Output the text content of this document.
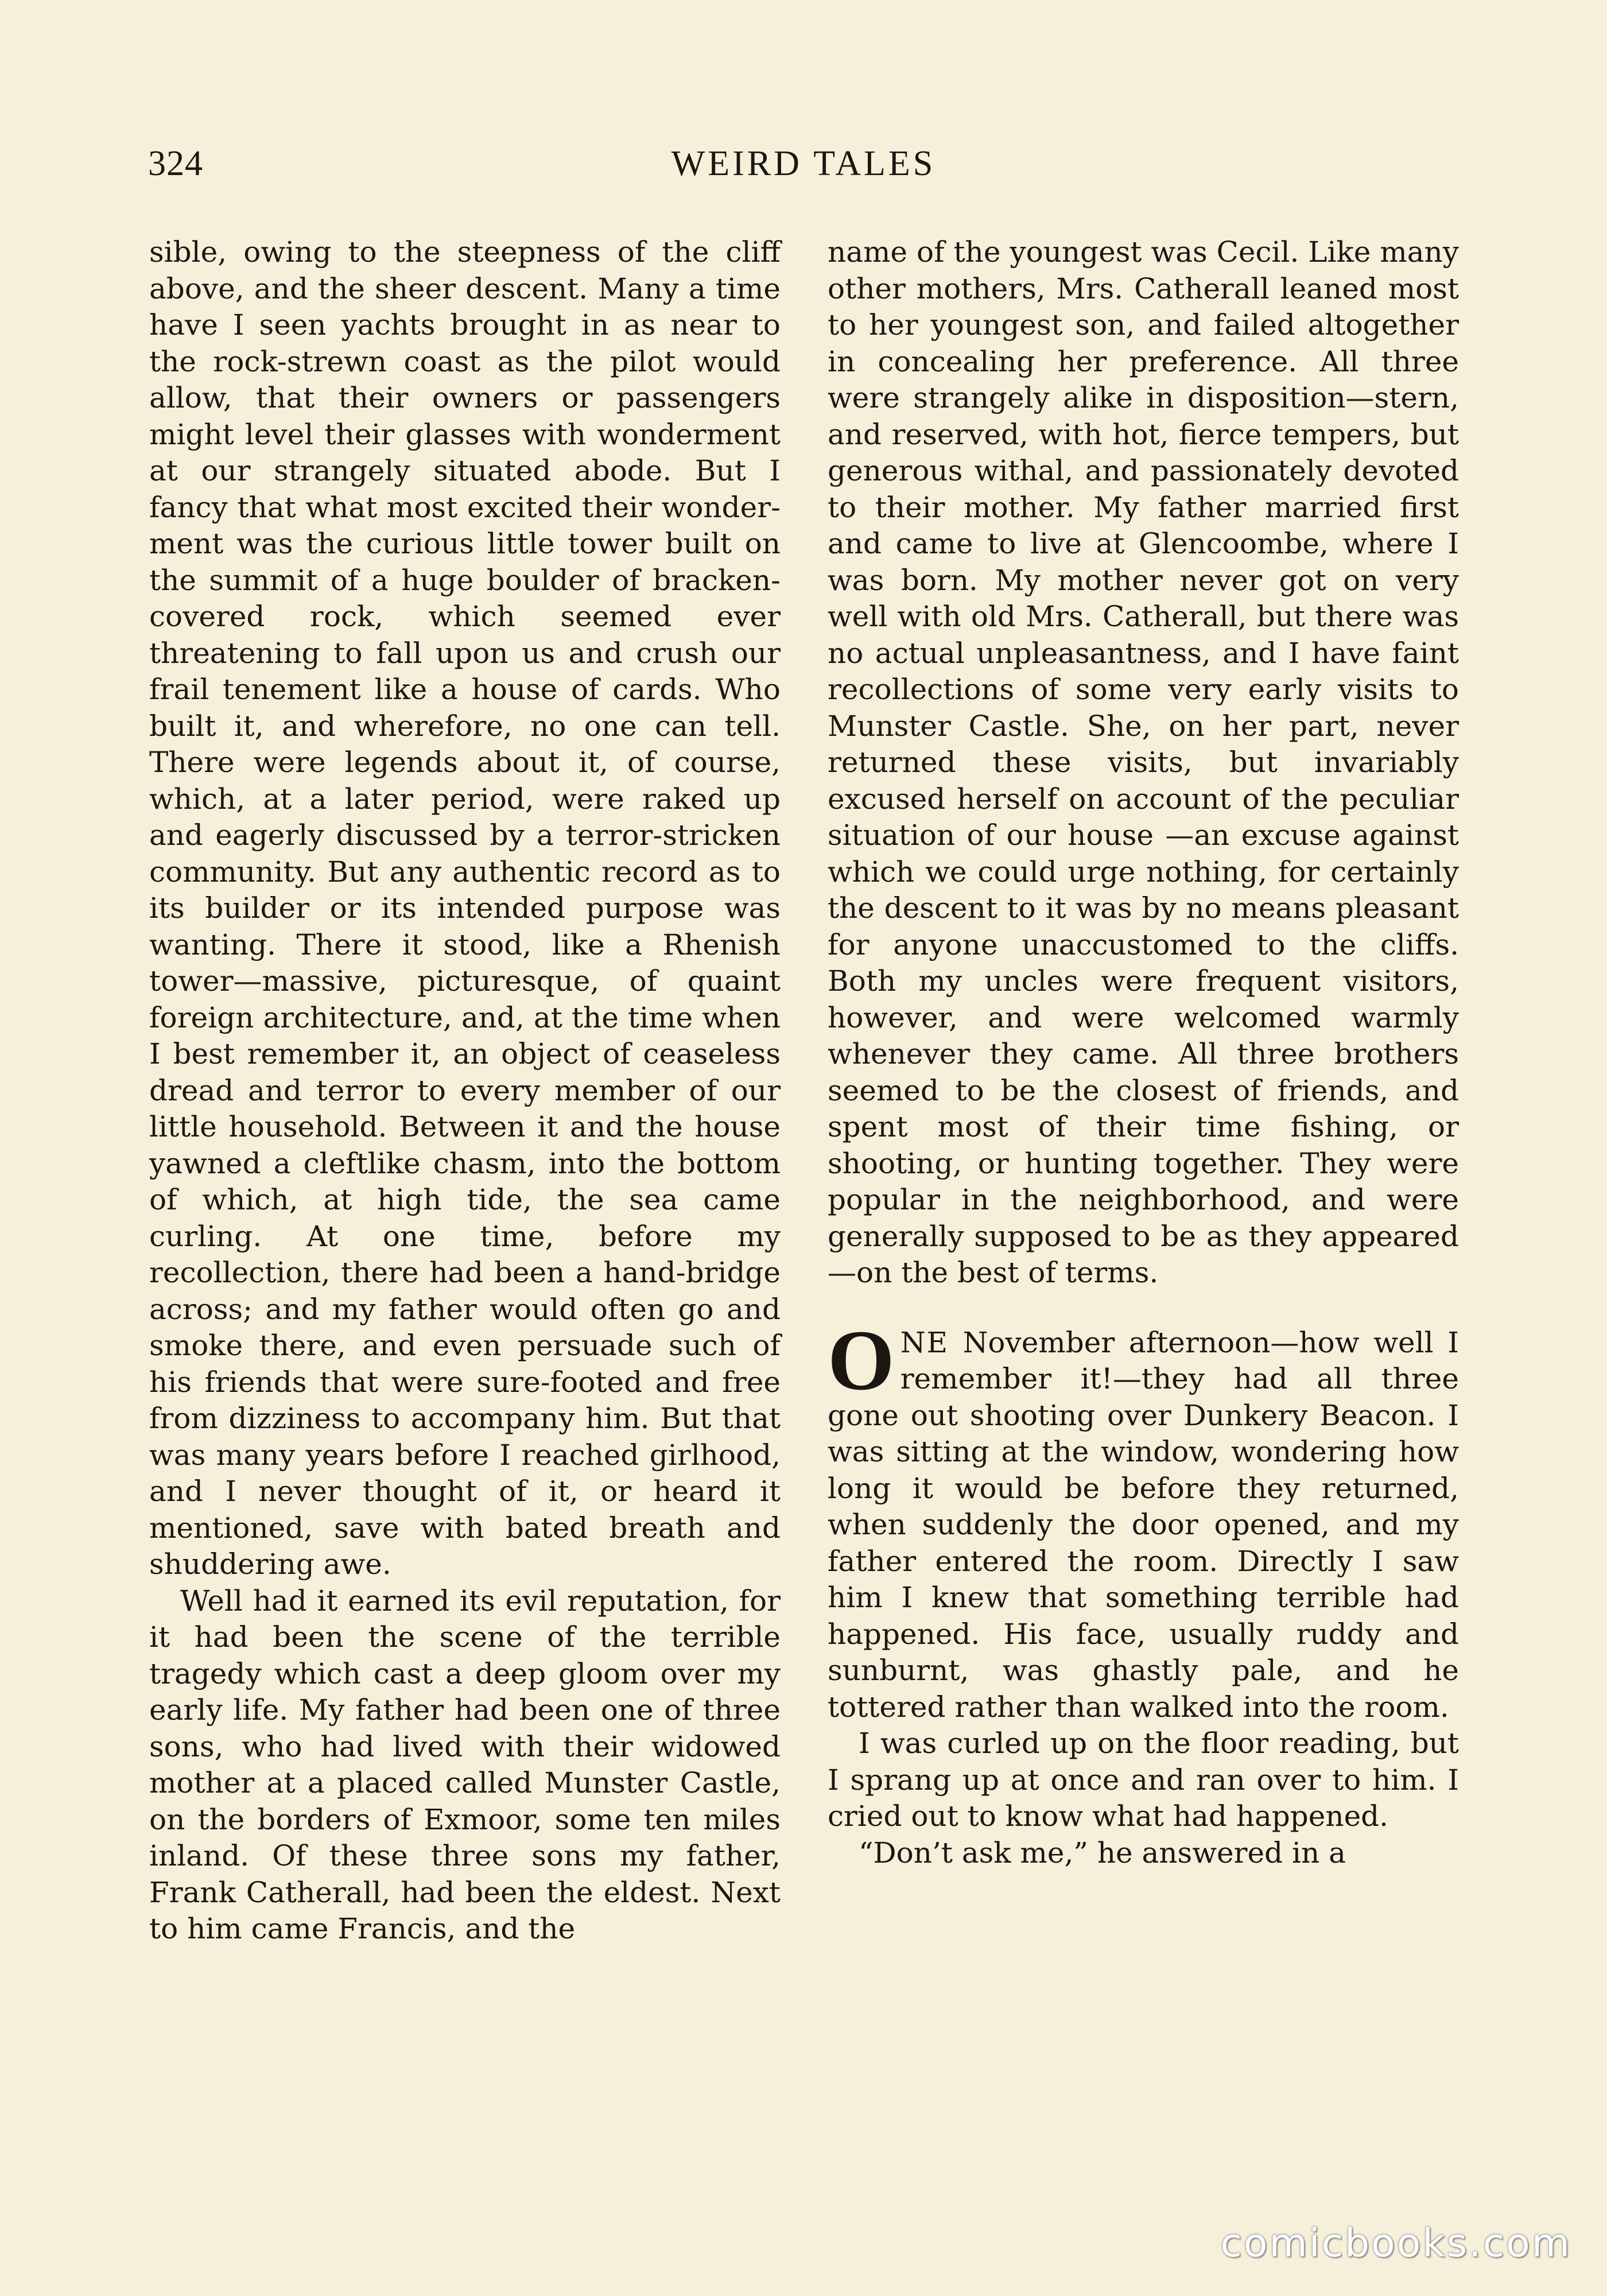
324	WEIRD TALES

sible, owing to the steepness of the cliff above, and the sheer descent. Many a time have I seen yachts brought in as near to the rock-strewn coast as the pilot would allow, that their owners or passengers might level their glasses with wonderment at our strangely situated abode. But I fancy that what most excited their wonderment was the curious little tower built on the summit of a huge boulder of bracken-covered rock, which seemed ever threatening to fall upon us and crush our frail tenement like a house of cards. Who built it, and wherefore, no one can tell. There were legends about it, of course, which, at a later period, were raked up and eagerly discussed by a terror-stricken community. But any authentic record as to its builder or its intended purpose was wanting. There it stood, like a Rhenish tower—massive, picturesque, of quaint foreign architecture, and, at the time when I best remember it, an object of ceaseless dread and terror to every member of our little household. Between it and the house yawned a cleftlike chasm, into the bottom of which, at high tide, the sea came curling. At one time, before my recollection, there had been a hand-bridge across; and my father would often go and smoke there, and even persuade such of his friends that were sure-footed and free from dizziness to accompany him. But that was many years before I reached girlhood, and I never thought of it, or heard it mentioned, save with bated breath and shuddering awe.

Well had it earned its evil reputation, for it had been the scene of the terrible tragedy which cast a deep gloom over my early life. My father had been one of three sons, who had lived with their widowed mother at a placed called Munster Castle, on the borders of Exmoor, some ten miles inland. Of these three sons my father, Frank Catherall, had been the eldest. Next to him came Francis, and the

name of the youngest was Cecil. Like many other mothers, Mrs. Catherall leaned most to her youngest son, and failed altogether in concealing her preference. All three were strangely alike in disposition—stern, and reserved, with hot, fierce tempers, but generous withal, and passionately devoted to their mother. My father married first and came to live at Glencoombe, where I was born. My mother never got on very well with old Mrs. Catherall, but there was no actual unpleasantness, and I have faint recollections of some very early visits to Munster Castle. She, on her part, never returned these visits, but invariably excused herself on account of the peculiar situation of our house —an excuse against which we could urge nothing, for certainly the descent to it was by no means pleasant for anyone unaccustomed to the cliffs. Both my uncles were frequent visitors, however, and were welcomed warmly whenever they came. All three brothers seemed to be the closest of friends, and spent most of their time fishing, or shooting, or hunting together. They were popular in the neighborhood, and were generally supposed to be as they appeared—on the best of terms.

ONE November afternoon—how well I remember it!—they had all three gone out shooting over Dunkery Beacon. I was sitting at the window, wondering how long it would be before they returned, when suddenly the door opened, and my father entered the room. Directly I saw him I knew that something terrible had happened. His face, usually ruddy and sunburnt, was ghastly pale, and he tottered rather than walked into the room.

I was curled up on the floor reading, but I sprang up at once and ran over to him. I cried out to know what had happened.

“Don’t ask me,” he answered in a

comicbooks.com
